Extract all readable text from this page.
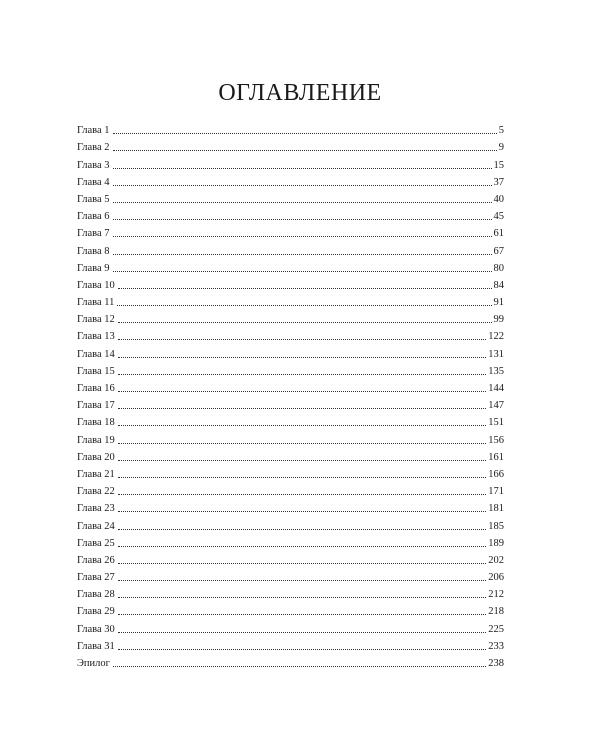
ОГЛАВЛЕНИЕ
Глава 1	5
Глава 2	9
Глава 3	15
Глава 4	37
Глава 5	40
Глава 6	45
Глава 7	61
Глава 8	67
Глава 9	80
Глава 10	84
Глава 11	91
Глава 12	99
Глава 13	122
Глава 14	131
Глава 15	135
Глава 16	144
Глава 17	147
Глава 18	151
Глава 19	156
Глава 20	161
Глава 21	166
Глава 22	171
Глава 23	181
Глава 24	185
Глава 25	189
Глава 26	202
Глава 27	206
Глава 28	212
Глава 29	218
Глава 30	225
Глава 31	233
Эпилог	238
